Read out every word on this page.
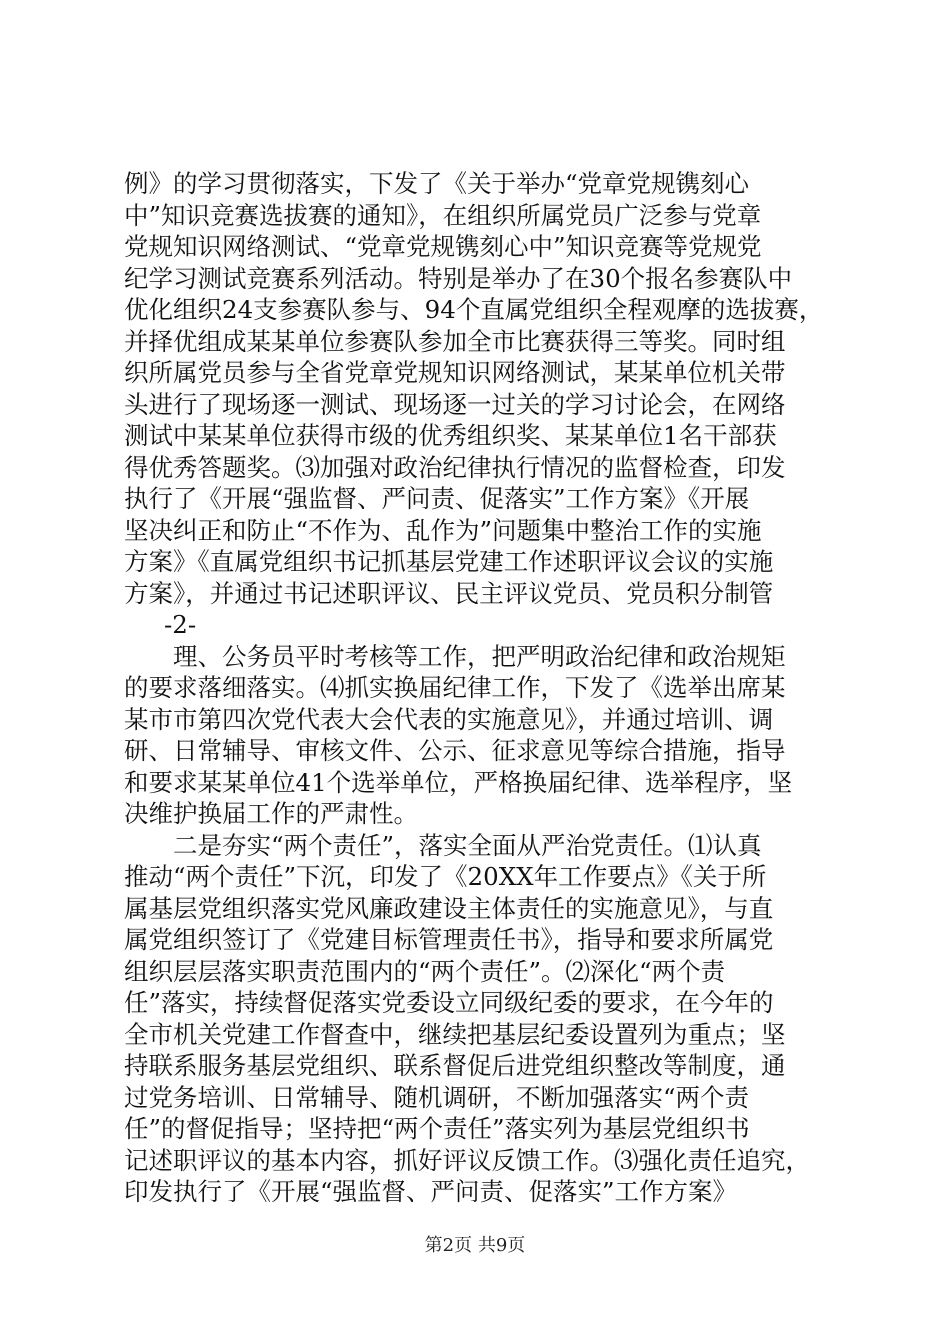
例》的学习贯彻落实，下发了《关于举办“党章党规镌刻心
中”知识竞赛选拔赛的通知》，在组织所属党员广泛参与党章
党规知识网络测试、“党章党规镌刻心中”知识竞赛等党规党
纪学习测试竞赛系列活动。特别是举办了在30个报名参赛队中
优化组织24支参赛队参与、94个直属党组织全程观摩的选拔赛，
并择优组成某某单位参赛队参加全市比赛获得三等奖。同时组
织所属党员参与全省党章党规知识网络测试，某某单位机关带
头进行了现场逐一测试、现场逐一过关的学习讨论会，在网络
测试中某某单位获得市级的优秀组织奖、某某单位1名干部获
得优秀答题奖。⑶加强对政治纪律执行情况的监督检查，印发
执行了《开展“强监督、严问责、促落实”工作方案》《开展
坚决纠正和防止“不作为、乱作为”问题集中整治工作的实施
方案》《直属党组织书记抓基层党建工作述职评议会议的实施
方案》，并通过书记述职评议、民主评议党员、党员积分制管
-2-
理、公务员平时考核等工作，把严明政治纪律和政治规矩
的要求落细落实。⑷抓实换届纪律工作，下发了《选举出席某
某市市第四次党代表大会代表的实施意见》，并通过培训、调
研、日常辅导、审核文件、公示、征求意见等综合措施，指导
和要求某某单位41个选举单位，严格换届纪律、选举程序，坚
决维护换届工作的严肃性。
二是夯实“两个责任”，落实全面从严治党责任。⑴认真
推动“两个责任”下沉，印发了《20XX年工作要点》《关于所
属基层党组织落实党风廉政建设主体责任的实施意见》，与直
属党组织签订了《党建目标管理责任书》，指导和要求所属党
组织层层落实职责范围内的“两个责任”。⑵深化“两个责
任”落实，持续督促落实党委设立同级纪委的要求，在今年的
全市机关党建工作督查中，继续把基层纪委设置列为重点；坚
持联系服务基层党组织、联系督促后进党组织整改等制度，通
过党务培训、日常辅导、随机调研，不断加强落实“两个责
任”的督促指导；坚持把“两个责任”落实列为基层党组织书
记述职评议的基本内容，抓好评议反馈工作。⑶强化责任追究，
印发执行了《开展“强监督、严问责、促落实”工作方案》
第2页 共9页
